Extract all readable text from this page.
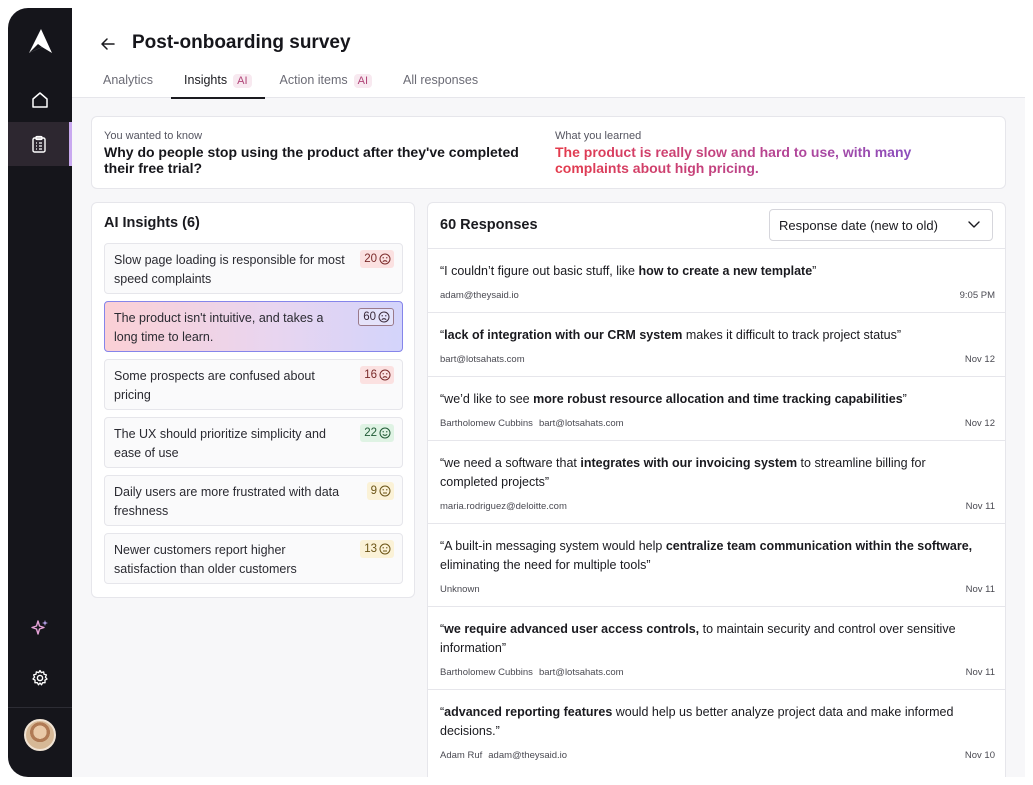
Post-onboarding survey
Analytics	Insights AI	Action items AI	All responses
You wanted to know
Why do people stop using the product after they've completed their free trial?
What you learned
The product is really slow and hard to use, with many complaints about high pricing.
AI Insights (6)
Slow page loading is responsible for most speed complaints
20
The product isn't intuitive, and takes a long time to learn.
60
Some prospects are confused about pricing
16
The UX should prioritize simplicity and ease of use
22
Daily users are more frustrated with data freshness
9
Newer customers report higher satisfaction than older customers
13
60 Responses	Response date (new to old)
“I couldn’t figure out basic stuff, like how to create a new template”
adam@theysaid.io	9:05 PM
“lack of integration with our CRM system makes it difficult to track project status”
bart@lotsahats.com	Nov 12
“we’d like to see more robust resource allocation and time tracking capabilities”
Bartholomew Cubbins bart@lotsahats.com	Nov 12
“we need a software that integrates with our invoicing system to streamline billing for completed projects”
maria.rodriguez@deloitte.com	Nov 11
“A built-in messaging system would help centralize team communication within the software, eliminating the need for multiple tools”
Unknown	Nov 11
“we require advanced user access controls, to maintain security and control over sensitive information”
Bartholomew Cubbins bart@lotsahats.com	Nov 11
“advanced reporting features would help us better analyze project data and make informed decisions.”
Adam Ruf adam@theysaid.io	Nov 10
